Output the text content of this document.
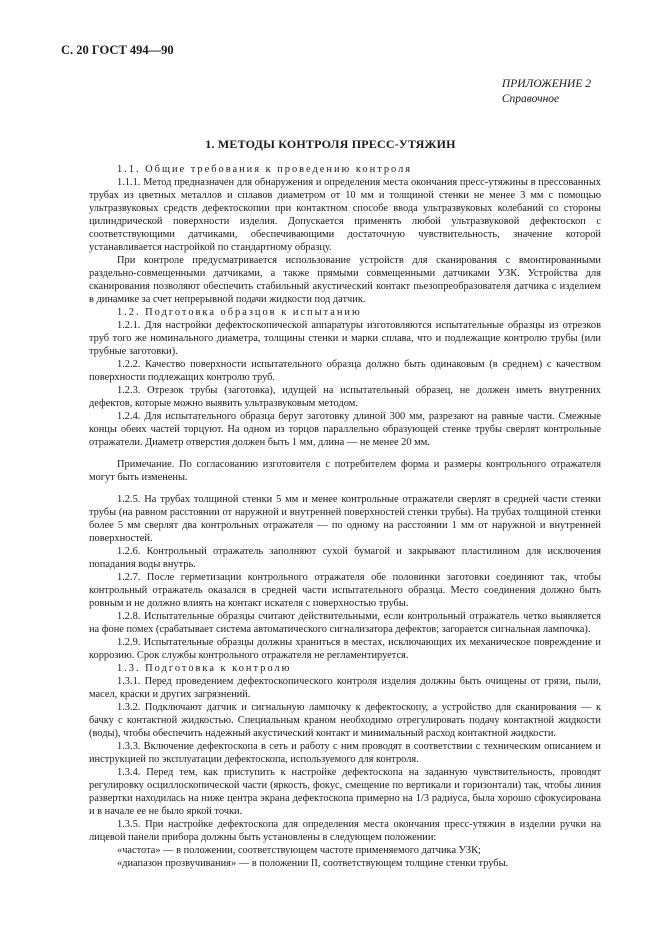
С. 20 ГОСТ 494—90
ПРИЛОЖЕНИЕ 2
Справочное
1. МЕТОДЫ КОНТРОЛЯ ПРЕСС-УТЯЖИН

1.1. Общие требования к проведению контроля

1.1.1. Метод предназначен для обнаружения и определения места окончания пресс-утяжины в прессованных трубах из цветных металлов и сплавов диаметром от 10 мм и толщиной стенки не менее 3 мм с помощью ультразвуковых средств дефектоскопии при контактном способе ввода ультразвуковых колебаний со стороны цилиндрической поверхности изделия. Допускается применять любой ультразвуковой дефектоскоп с соответствующими датчиками, обеспечивающими достаточную чувствительность, значение которой устанавливается настройкой по стандартному образцу.

При контроле предусматривается использование устройств для сканирования с вмонтированными раздельно-совмещенными датчиками, а также прямыми совмещенными датчиками УЗК. Устройства для сканирования позволяют обеспечить стабильный акустический контакт пьезопреобразователя датчика с изделием в динамике за счет непрерывной подачи жидкости под датчик.

1.2. Подготовка образцов к испытанию

1.2.1. Для настройки дефектоскопической аппаратуры изготовляются испытательные образцы из отрезков труб того же номинального диаметра, толщины стенки и марки сплава, что и подлежащие контролю трубы (или трубные заготовки).

1.2.2. Качество поверхности испытательного образца должно быть одинаковым (в среднем) с качеством поверхности подлежащих контролю труб.

1.2.3. Отрезок трубы (заготовка), идущей на испытательный образец, не должен иметь внутренних дефектов, которые можно выявить ультразвуковым методом.

1.2.4. Для испытательного образца берут заготовку длиной 300 мм, разрезают на равные части. Смежные концы обеих частей торцуют. На одном из торцов параллельно образующей стенке трубы сверлят контрольные отражатели. Диаметр отверстия должен быть 1 мм, длина — не менее 20 мм.

Примечание. По согласованию изготовителя с потребителем форма и размеры контрольного отражателя могут быть изменены.

1.2.5. На трубах толщиной стенки 5 мм и менее контрольные отражатели сверлят в средней части стенки трубы (на равном расстоянии от наружной и внутренней поверхностей стенки трубы). На трубах толщиной стенки более 5 мм сверлят два контрольных отражателя — по одному на расстоянии 1 мм от наружной и внутренней поверхностей.

1.2.6. Контрольный отражатель заполняют сухой бумагой и закрывают пластилином для исключения попадания воды внутрь.

1.2.7. После герметизации контрольного отражателя обе половинки заготовки соединяют так, чтобы контрольный отражатель оказался в средней части испытательного образца. Место соединения должно быть ровным и не должно влиять на контакт искателя с поверхностью трубы.

1.2.8. Испытательные образцы считают действительными, если контрольный отражатель четко выявляется на фоне помех (срабатывает система автоматического сигнализатора дефектов; загорается сигнальная лампочка).

1.2.9. Испытательные образцы должны храниться в местах, исключающих их механическое повреждение и коррозию. Срок службы контрольного отражателя не регламентируется.

1.3. Подготовка к контролю

1.3.1. Перед проведением дефектоскопического контроля изделия должны быть очищены от грязи, пыли, масел, краски и других загрязнений.

1.3.2. Подключают датчик и сигнальную лампочку к дефектоскопу, а устройство для сканирования — к бачку с контактной жидкостью. Специальным краном необходимо отрегулировать подачу контактной жидкости (воды), чтобы обеспечить надежный акустический контакт и минимальный расход контактной жидкости.

1.3.3. Включение дефектоскопа в сеть и работу с ним проводят в соответствии с техническим описанием и инструкцией по эксплуатации дефектоскопа, используемого для контроля.

1.3.4. Перед тем, как приступить к настройке дефектоскопа на заданную чувствительность, проводят регулировку осциллоскопической части (яркость, фокус, смещение по вертикали и горизонтали) так, чтобы линия развертки находилась на ниже центра экрана дефектоскопа примерно на 1/3 радиуса, была хорошо сфокусирована и в начале ее не было яркой точки.

1.3.5. При настройке дефектоскопа для определения места окончания пресс-утяжин в изделии ручки на лицевой панели прибора должны быть установлены в следующем положении:

«частота» — в положении, соответствующем частоте применяемого датчика УЗК;

«диапазон прозвучивания» — в положении II, соответствующем толщине стенки трубы.
